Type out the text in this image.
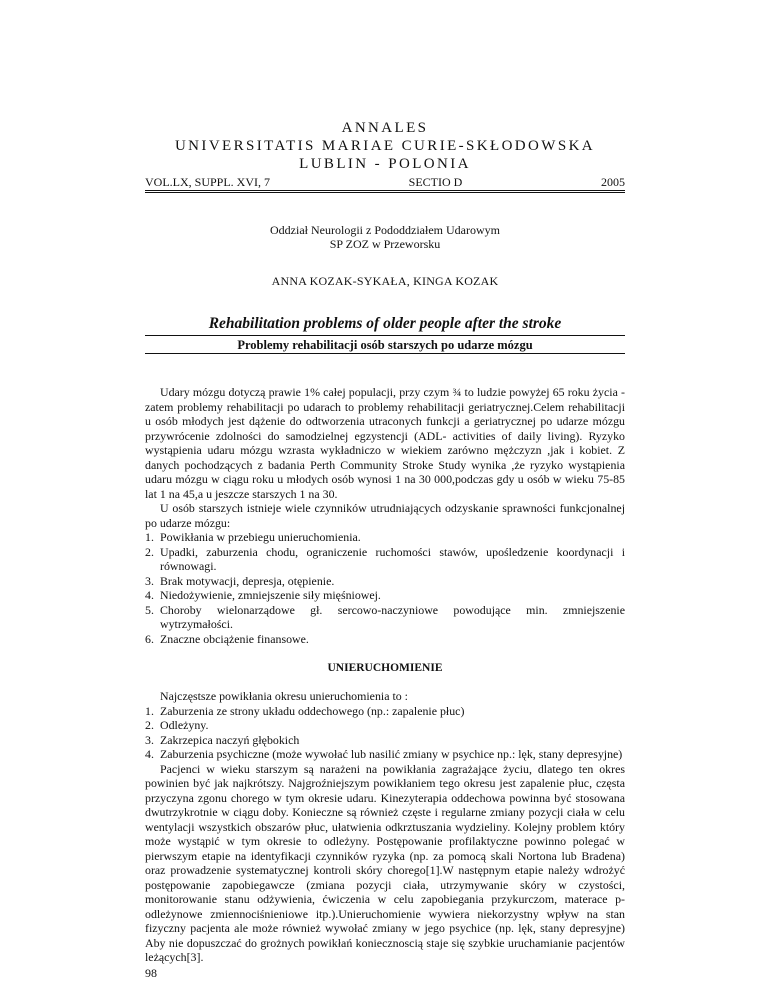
ANNALES
UNIVERSITATIS MARIAE CURIE-SKŁODOWSKA
LUBLIN - POLONIA
VOL.LX, SUPPL. XVI, 7	SECTIO D	2005
Oddział Neurologii z Pododdziałem Udarowym
SP ZOZ w Przeworsku
ANNA KOZAK-SYKAŁA, KINGA KOZAK
Rehabilitation problems of older people after the stroke
Problemy rehabilitacji osób starszych po udarze mózgu

Udary mózgu dotyczą prawie 1% całej populacji, przy czym ¾ to ludzie powyżej 65 roku życia - zatem problemy rehabilitacji po udarach to problemy rehabilitacji geriatrycznej.Celem rehabilitacji u osób młodych jest dążenie do odtworzenia utraconych funkcji a geriatrycznej po udarze mózgu przywrócenie zdolności do samodzielnej egzystencji (ADL- activities of daily living). Ryzyko wystąpienia udaru mózgu wzrasta wykładniczo w wiekiem zarówno mężczyzn ,jak i kobiet. Z danych pochodzących z badania Perth Community Stroke Study wynika ,że ryzyko wystąpienia udaru mózgu w ciągu roku u młodych osób wynosi 1 na 30 000,podczas gdy u osób w wieku 75-85 lat 1 na 45,a u jeszcze starszych 1 na 30.

U osób starszych istnieje wiele czynników utrudniających odzyskanie sprawności funkcjonalnej po udarze mózgu:

1. Powikłania w przebiegu unieruchomienia.
2. Upadki, zaburzenia chodu, ograniczenie ruchomości stawów, upośledzenie koordynacji i równowagi.
3. Brak motywacji, depresja, otępienie.
4. Niedożywienie, zmniejszenie siły mięśniowej.
5. Choroby wielonarządowe gł. sercowo-naczyniowe powodujące min. zmniejszenie wytrzymałości.
6. Znaczne obciążenie finansowe.
UNIERUCHOMIENIE

Najczęstsze powikłania okresu unieruchomienia to :

1. Zaburzenia ze strony układu oddechowego (np.: zapalenie płuc)
2. Odleżyny.
3. Zakrzepica naczyń głębokich
4. Zaburzenia psychiczne (może wywołać lub nasilić zmiany w psychice np.: lęk, stany depresyjne)

Pacjenci w wieku starszym są narażeni na powikłania zagrażające życiu, dlatego ten okres powinien być jak najkrótszy. Najgroźniejszym powikłaniem tego okresu jest zapalenie płuc, częsta przyczyna zgonu chorego w tym okresie udaru. Kinezyterapia oddechowa powinna być stosowana dwutrzykrotnie w ciągu doby. Konieczne są również częste i regularne zmiany pozycji ciała w celu wentylacji wszystkich obszarów płuc, ułatwienia odkrztuszania wydzieliny. Kolejny problem który może wystąpić w tym okresie to odleżyny. Postępowanie profilaktyczne powinno polegać w pierwszym etapie na identyfikacji czynników ryzyka (np. za pomocą skali Nortona lub Bradena) oraz prowadzenie systematycznej kontroli skóry chorego[1].W następnym etapie należy wdrożyć postępowanie zapobiegawcze (zmiana pozycji ciała, utrzymywanie skóry w czystości, monitorowanie stanu odżywienia, ćwiczenia w celu zapobiegania przykurczom, materace p-odleżynowe zmiennociśnieniowe itp.).Unieruchomienie wywiera niekorzystny wpływ na stan fizyczny pacjenta ale może również wywołać zmiany w jego psychice (np. lęk, stany depresyjne) Aby nie dopuszczać do grożnych powikłań koniecznoscią staje się szybkie uruchamianie pacjentów leżących[3].

98
